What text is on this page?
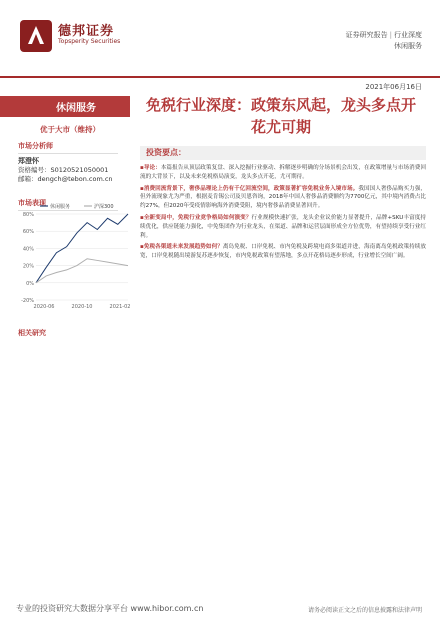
德邦证券
Topsperity Securities
证券研究报告 | 行业深度
休闲服务
2021年06月16日
休闲服务
优于大市（维持）
市场分析师
郑澄怀
资格编号：S0120521050001
邮箱：dengch@tebon.com.cn
市场表现
80%
60%
40%
20%
0%
-20%
2020-06	2020-10	2021-02
休闲服务	沪深300
相关研究
免税行业深度：政策东风起，龙头多点开花尤可期
投资要点：

▪导论：本篇报告从顶层政策复盘、深入挖掘行业驱动、拆解逐步明确的分场景机会出发，在政策增量与市场消费回流的大背景下，以及未来免税格局演变，龙头多点开花，尤可期待。

▪消费回流背景下，奢侈品理论上仍有千亿回流空间，政策显著扩容免税业务入境市场。我国国人奢侈品购买力强，但外流现象尤为严重，根据麦肯锡公司及贝恩咨询，2018年中国人奢侈品消费额约为7700亿元，其中境内消费占比约27%，但2020年受疫情影响海外消费受阻，境内奢侈品消费显著回升。

▪全新变局中，免税行业竞争格局如何演变？行业规模快速扩张，龙头企业议价能力显著提升，品牌+SKU丰富度持续优化，供应链能力强化，中免集团作为行业龙头，在渠道、品牌和运营层面形成全方位优势，有望持续享受行业红利。

▪免税各渠道未来发展趋势如何？离岛免税、口岸免税、市内免税及跨境电商多渠道并进，海南离岛免税政策持续放宽，口岸免税随出境游复苏逐步恢复，市内免税政策有望落地，多点开花格局逐步形成，行业增长空间广阔。

专业的投资研究大数据分享平台 www.hibor.com.cn	请务必阅读正文之后的信息披露和法律声明
